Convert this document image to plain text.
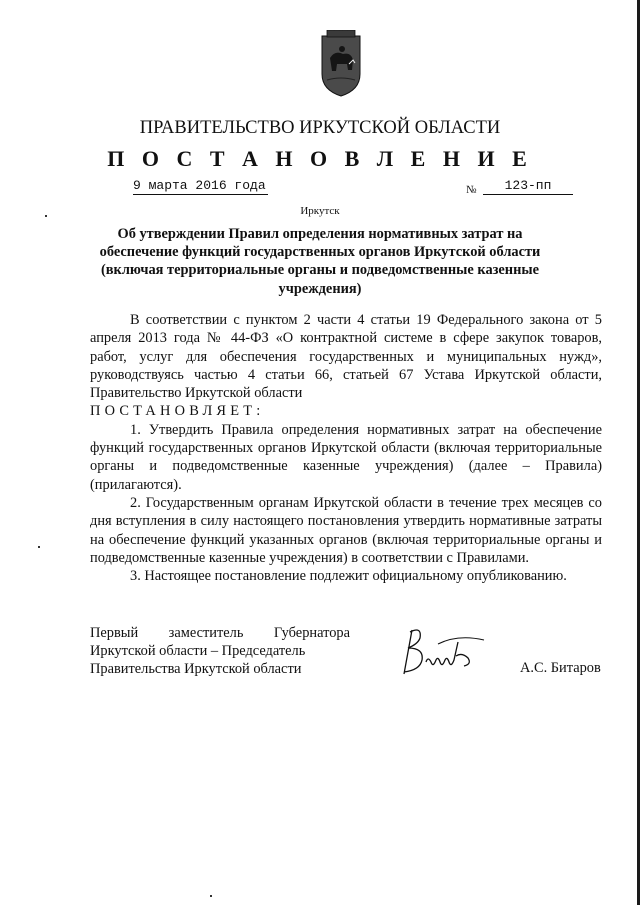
ПРАВИТЕЛЬСТВО ИРКУТСКОЙ ОБЛАСТИ
П О С Т А Н О В Л Е Н И Е
9 марта 2016 года	№	123-пп
Иркутск
Об утверждении Правил определения нормативных затрат на обеспечение функций государственных органов Иркутской области (включая территориальные органы и подведомственные казенные учреждения)

В соответствии с пунктом 2 части 4 статьи 19 Федерального закона от 5 апреля 2013 года № 44-ФЗ «О контрактной системе в сфере закупок товаров, работ, услуг для обеспечения государственных и муниципальных нужд», руководствуясь частью 4 статьи 66, статьей 67 Устава Иркутской области, Правительство Иркутской области

ПОСТАНОВЛЯЕТ:

1. Утвердить Правила определения нормативных затрат на обеспечение функций государственных органов Иркутской области (включая территориальные органы и подведомственные казенные учреждения) (далее – Правила) (прилагаются).

2. Государственным органам Иркутской области в течение трех месяцев со дня вступления в силу настоящего постановления утвердить нормативные затраты на обеспечение функций указанных органов (включая территориальные органы и подведомственные казенные учреждения) в соответствии с Правилами.

3. Настоящее постановление подлежит официальному опубликованию.

Первый заместитель Губернатора
Иркутской области – Председатель
Правительства Иркутской области	А.С. Битаров
